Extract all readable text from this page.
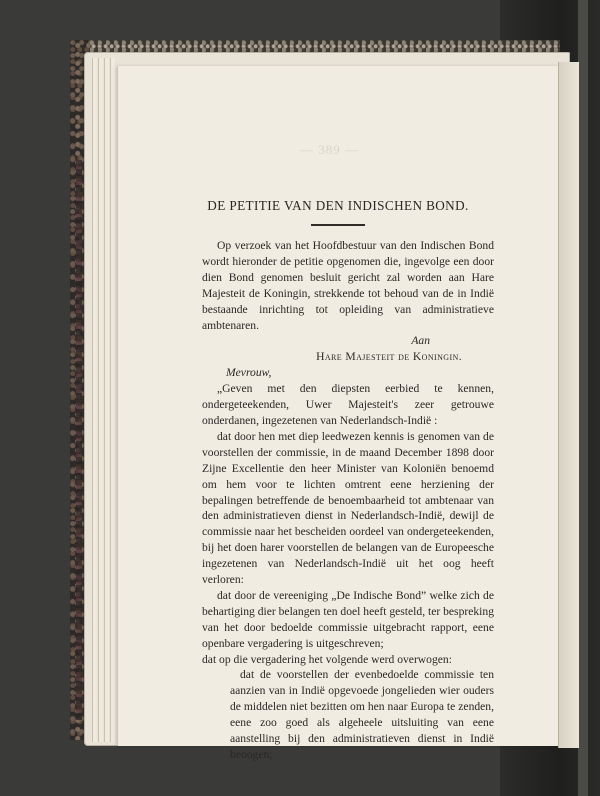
— 389 —
DE PETITIE VAN DEN INDISCHEN BOND.

Op verzoek van het Hoofdbestuur van den Indischen Bond wordt hieronder de petitie opgenomen die, ingevolge een door dien Bond genomen besluit gericht zal worden aan Hare Majesteit de Koningin, strekkende tot behoud van de in Indië bestaande inrichting tot opleiding van administratieve ambtenaren.

Aan

Hare Majesteit de Koningin.

Mevrouw,

„Geven met den diepsten eerbied te kennen, ondergeteekenden, Uwer Majesteit's zeer getrouwe onderdanen, ingezetenen van Nederlandsch-Indië :

dat door hen met diep leedwezen kennis is genomen van de voorstellen der commissie, in de maand December 1898 door Zijne Excellentie den heer Minister van Koloniën benoemd om hem voor te lichten omtrent eene herziening der bepalingen betreffende de benoembaarheid tot ambtenaar van den administratieven dienst in Nederlandsch-Indië, dewijl de commissie naar het bescheiden oordeel van ondergeteekenden, bij het doen harer voorstellen de belangen van de Europeesche ingezetenen van Nederlandsch-Indië uit het oog heeft verloren:

dat door de vereeniging „De Indische Bond” welke zich de behartiging dier belangen ten doel heeft gesteld, ter bespreking van het door bedoelde commissie uitgebracht rapport, eene openbare vergadering is uitgeschreven;

dat op die vergadering het volgende werd overwogen:

dat de voorstellen der evenbedoelde commissie ten aanzien van in Indië opgevoede jongelieden wier ouders de middelen niet bezitten om hen naar Europa te zenden, eene zoo goed als algeheele uitsluiting van eene aanstelling bij den administratieven dienst in Indië beoogen;
